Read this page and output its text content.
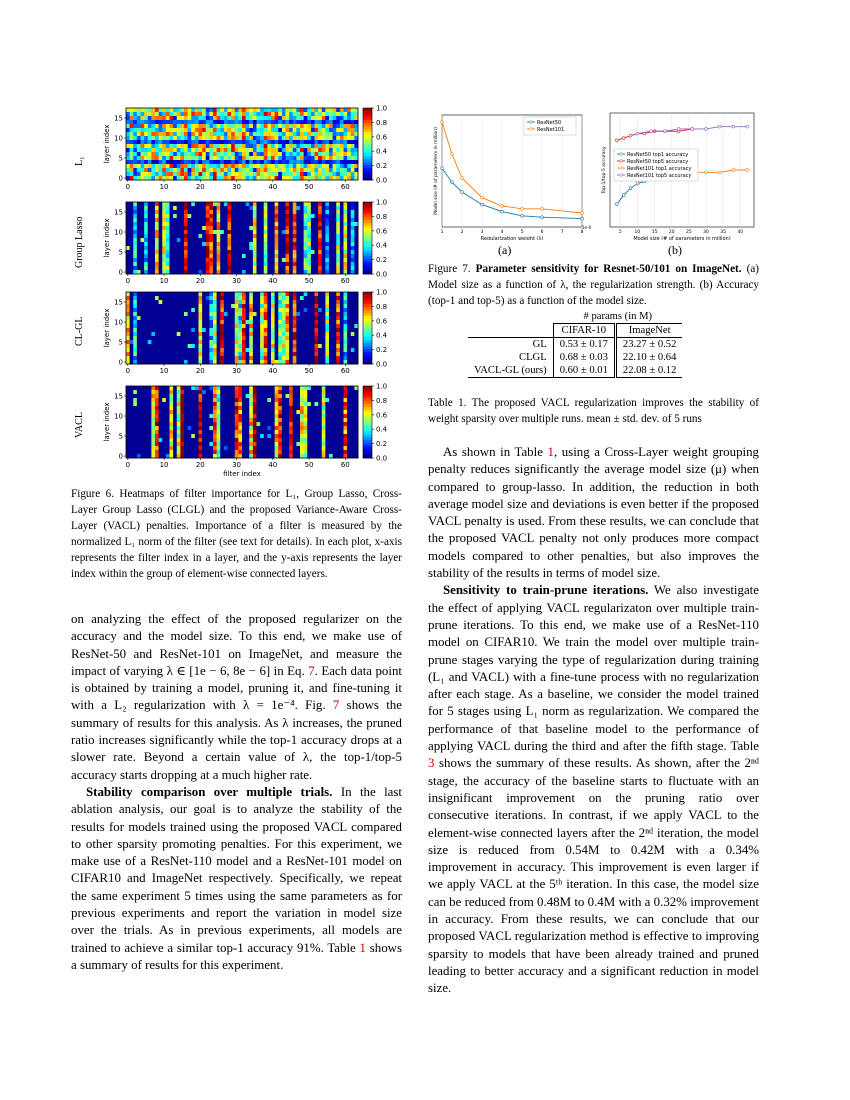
L₁
Group Lasso
CL-GL
VACL
15
10
5
0
0	10	20	30	40	50	60
layer index
1.0
0.8
0.6
0.4
0.2
0.0
15
10
5
0
0	10	20	30	40	50	60
layer index
1.0
0.8
0.6
0.4
0.2
0.0
15
10
5
0
0	10	20	30	40	50	60
layer index
1.0
0.8
0.6
0.4
0.2
0.0
15
10
5
0
0	10	20	30	40	50	60
layer index
1.0
0.8
0.6
0.4
0.2
0.0
filter index
Figure 6. Heatmaps of filter importance for L₁, Group Lasso, Cross-Layer Group Lasso (CLGL) and the proposed Variance-Aware Cross-Layer (VACL) penalties. Importance of a filter is measured by the normalized L₁ norm of the filter (see text for details). In each plot, x-axis represents the filter index in a layer, and the y-axis represents the layer index within the group of element-wise connected layers.

on analyzing the effect of the proposed regularizer on the accuracy and the model size. To this end, we make use of ResNet-50 and ResNet-101 on ImageNet, and measure the impact of varying λ ∈ [1e − 6, 8e − 6] in Eq. 7. Each data point is obtained by training a model, pruning it, and fine-tuning it with a L₂ regularization with λ = 1e⁻⁴. Fig. 7 shows the summary of results for this analysis. As λ increases, the pruned ratio increases significantly while the top-1 accuracy drops at a slower rate. Beyond a certain value of λ, the top-1/top-5 accuracy starts dropping at a much higher rate.

Stability comparison over multiple trials. In the last ablation analysis, our goal is to analyze the stability of the results for models trained using the proposed VACL compared to other sparsity promoting penalties. For this experiment, we make use of a ResNet-110 model and a ResNet-101 model on CIFAR10 and ImageNet respectively. Specifically, we repeat the same experiment 5 times using the same parameters as for previous experiments and report the variation in model size over the trials. As in previous experiments, all models are trained to achieve a similar top-1 accuracy 91%. Table 1 shows a summary of results for this experiment.

1	2	3	4	5	6	7	8
1e-6
Regularization weight (λ)
Model size (# of parameters in million)
ResNet50
ResNet101
5	10	15	20	25	30	35	40
Model size (# of parameters in million)
Top-1/top-5 accuracy	ResNet50 top1 accuracy
ResNet50 top5 accuracy
ResNet101 top1 accuracy
ResNet101 top5 accuracy
(a)	(b)
Figure 7. Parameter sensitivity for Resnet-50/101 on ImageNet. (a) Model size as a function of λ, the regularization strength. (b) Accuracy (top-1 and top-5) as a function of the model size.
	# params (in M)	
	CIFAR-10	ImageNet
GL	0.53 ± 0.17	23.27 ± 0.52
CLGL	0.68 ± 0.03	22.10 ± 0.64
VACL-GL (ours)	0.60 ± 0.01	22.08 ± 0.12
Table 1. The proposed VACL regularization improves the stability of weight sparsity over multiple runs. mean ± std. dev. of 5 runs

As shown in Table 1, using a Cross-Layer weight grouping penalty reduces significantly the average model size (μ) when compared to group-lasso. In addition, the reduction in both average model size and deviations is even better if the proposed VACL penalty is used. From these results, we can conclude that the proposed VACL penalty not only produces more compact models compared to other penalties, but also improves the stability of the results in terms of model size.

Sensitivity to train-prune iterations. We also investigate the effect of applying VACL regularizaton over multiple train-prune iterations. To this end, we make use of a ResNet-110 model on CIFAR10. We train the model over multiple train-prune stages varying the type of regularization during training (L₁ and VACL) with a fine-tune process with no regularization after each stage. As a baseline, we consider the model trained for 5 stages using L₁ norm as regularization. We compared the performance of that baseline model to the performance of applying VACL during the third and after the fifth stage. Table 3 shows the summary of these results. As shown, after the 2ⁿᵈ stage, the accuracy of the baseline starts to fluctuate with an insignificant improvement on the pruning ratio over consecutive iterations. In contrast, if we apply VACL to the element-wise connected layers after the 2ⁿᵈ iteration, the model size is reduced from 0.54M to 0.42M with a 0.34% improvement in accuracy. This improvement is even larger if we apply VACL at the 5ᵗʰ iteration. In this case, the model size can be reduced from 0.48M to 0.4M with a 0.32% improvement in accuracy. From these results, we can conclude that our proposed VACL regularization method is effective to improving sparsity to models that have been already trained and pruned leading to better accuracy and a significant reduction in model size.
